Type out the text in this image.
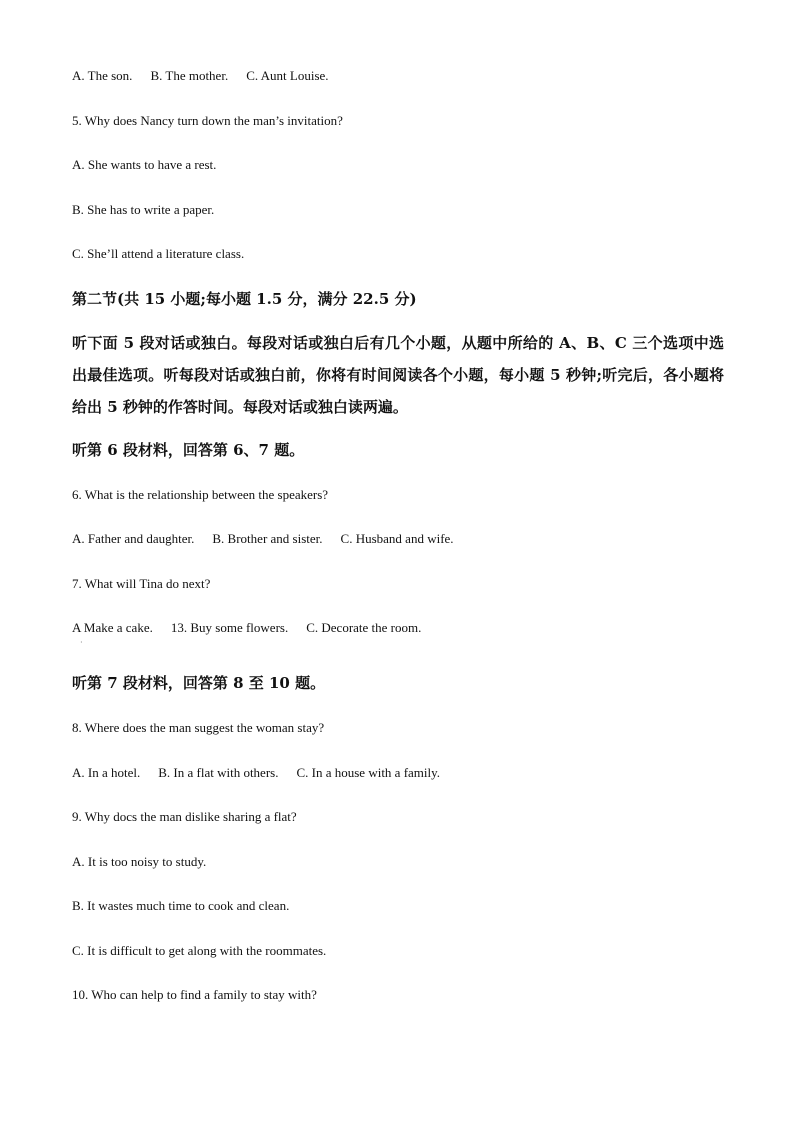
A. The son. B. The mother. C. Aunt Louise.
5. Why does Nancy turn down the man’s invitation?
A. She wants to have a rest.
B. She has to write a paper.
C. She’ll attend a literature class.
第二节(共 15 小题;每小题 1.5 分，满分 22.5 分)
听下面 5 段对话或独白。每段对话或独白后有几个小题，从题中所给的 A、B、C 三个选项中选出最佳选项。听每段对话或独白前，你将有时间阅读各个小题，每小题 5 秒钟;听完后，各小题将给出 5 秒钟的作答时间。每段对话或独白读两遍。
听第 6 段材料，回答第 6、7 题。
6. What is the relationship between the speakers?
A. Father and daughter. B. Brother and sister. C. Husband and wife.
7. What will Tina do next?
A Make a cake. 13. Buy some flowers. C. Decorate the room.
·
听第 7 段材料，回答第 8 至 10 题。
8. Where does the man suggest the woman stay?
A. In a hotel. B. In a flat with others. C. In a house with a family.
9. Why docs the man dislike sharing a flat?
A. It is too noisy to study.
B. It wastes much time to cook and clean.
C. It is difficult to get along with the roommates.
10. Who can help to find a family to stay with?
